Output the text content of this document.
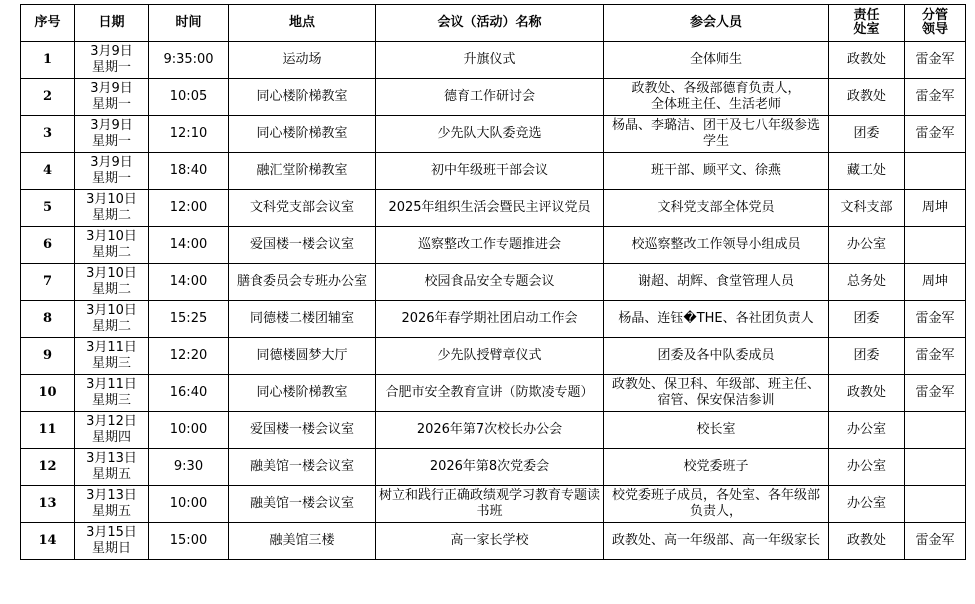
序号	日期	时间	地点	会议（活动）名称	参会人员	责任
处室	分管
领导

1	3月9日
星期一	9:35:00	运动场	升旗仪式	全体师生	政教处	雷金军
2	3月9日
星期一	10:05	同心楼阶梯教室	德育工作研讨会	政教处、各级部德育负责人，
全体班主任、生活老师	政教处	雷金军
3	3月9日
星期一	12:10	同心楼阶梯教室	少先队大队委竞选	杨晶、李璐洁、团干及七八年级参选
学生	团委	雷金军
4	3月9日
星期一	18:40	融汇堂阶梯教室	初中年级班干部会议	班干部、顾平文、徐燕	藏工处	
5	3月10日
星期二	12:00	文科党支部会议室	2025年组织生活会暨民主评议党员	文科党支部全体党员	文科支部	周坤
6	3月10日
星期二	14:00	爱国楼一楼会议室	巡察整改工作专题推进会	校巡察整改工作领导小组成员	办公室	
7	3月10日
星期二	14:00	膳食委员会专班办公室	校园食品安全专题会议	谢超、胡辉、食堂管理人员	总务处	周坤
8	3月10日
星期二	15:25	同德楼二楼团辅室	2026年春学期社团启动工作会	杨晶、连钰�THE、各社团负责人	团委	雷金军
9	3月11日
星期三	12:20	同德楼圆梦大厅	少先队授臂章仪式	团委及各中队委成员	团委	雷金军
10	3月11日
星期三	16:40	同心楼阶梯教室	合肥市安全教育宣讲（防欺凌专题）	政教处、保卫科、年级部、班主任、
宿管、保安保洁参训	政教处	雷金军
11	3月12日
星期四	10:00	爱国楼一楼会议室	2026年第7次校长办公会	校长室	办公室	
12	3月13日
星期五	9:30	融美馆一楼会议室	2026年第8次党委会	校党委班子	办公室	
13	3月13日
星期五	10:00	融美馆一楼会议室	树立和践行正确政绩观学习教育专题读书班	校党委班子成员，各处室、各年级部
负责人，	办公室	
14	3月15日
星期日	15:00	融美馆三楼	高一家长学校	政教处、高一年级部、高一年级家长	政教处	雷金军
